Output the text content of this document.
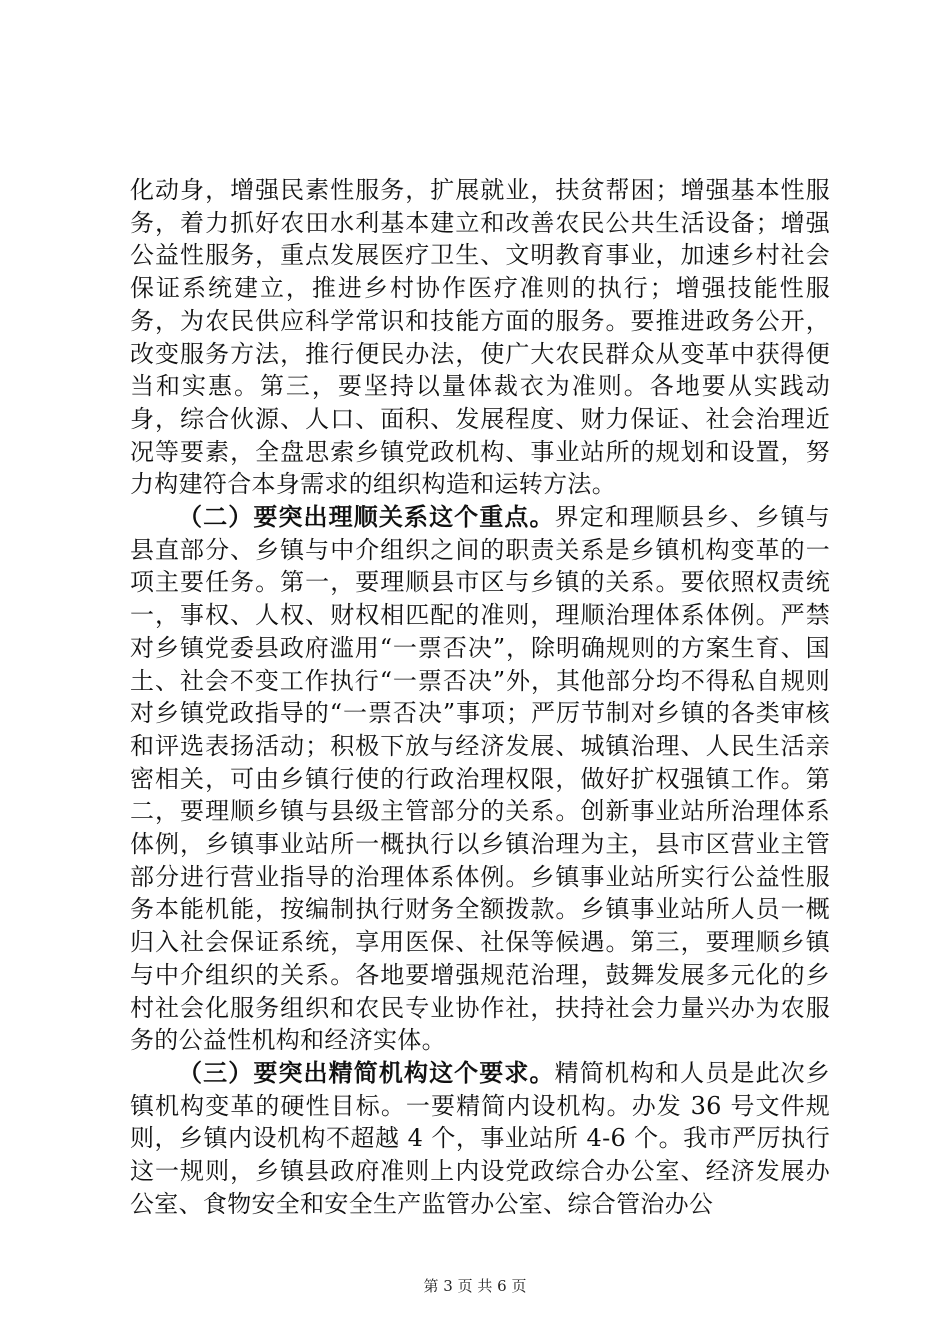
化动身，增强民素性服务，扩展就业，扶贫帮困；增强基本性服务，着力抓好农田水利基本建立和改善农民公共生活设备；增强公益性服务，重点发展医疗卫生、文明教育事业，加速乡村社会保证系统建立，推进乡村协作医疗准则的执行；增强技能性服务，为农民供应科学常识和技能方面的服务。要推进政务公开，改变服务方法，推行便民办法，使广大农民群众从变革中获得便当和实惠。第三，要坚持以量体裁衣为准则。各地要从实践动身，综合伙源、人口、面积、发展程度、财力保证、社会治理近况等要素，全盘思索乡镇党政机构、事业站所的规划和设置，努力构建符合本身需求的组织构造和运转方法。

（二）要突出理顺关系这个重点。界定和理顺县乡、乡镇与县直部分、乡镇与中介组织之间的职责关系是乡镇机构变革的一项主要任务。第一，要理顺县市区与乡镇的关系。要依照权责统一，事权、人权、财权相匹配的准则，理顺治理体系体例。严禁对乡镇党委县政府滥用“一票否决”，除明确规则的方案生育、国土、社会不变工作执行“一票否决”外，其他部分均不得私自规则对乡镇党政指导的“一票否决”事项；严厉节制对乡镇的各类审核和评选表扬活动；积极下放与经济发展、城镇治理、人民生活亲密相关，可由乡镇行使的行政治理权限，做好扩权强镇工作。第二，要理顺乡镇与县级主管部分的关系。创新事业站所治理体系体例，乡镇事业站所一概执行以乡镇治理为主，县市区营业主管部分进行营业指导的治理体系体例。乡镇事业站所实行公益性服务本能机能，按编制执行财务全额拨款。乡镇事业站所人员一概归入社会保证系统，享用医保、社保等候遇。第三，要理顺乡镇与中介组织的关系。各地要增强规范治理，鼓舞发展多元化的乡村社会化服务组织和农民专业协作社，扶持社会力量兴办为农服务的公益性机构和经济实体。

（三）要突出精简机构这个要求。精简机构和人员是此次乡镇机构变革的硬性目标。一要精简内设机构。办发 36 号文件规则，乡镇内设机构不超越 4 个，事业站所 4-6 个。我市严厉执行这一规则，乡镇县政府准则上内设党政综合办公室、经济发展办公室、食物安全和安全生产监管办公室、综合管治办公

第 3 页 共 6 页
